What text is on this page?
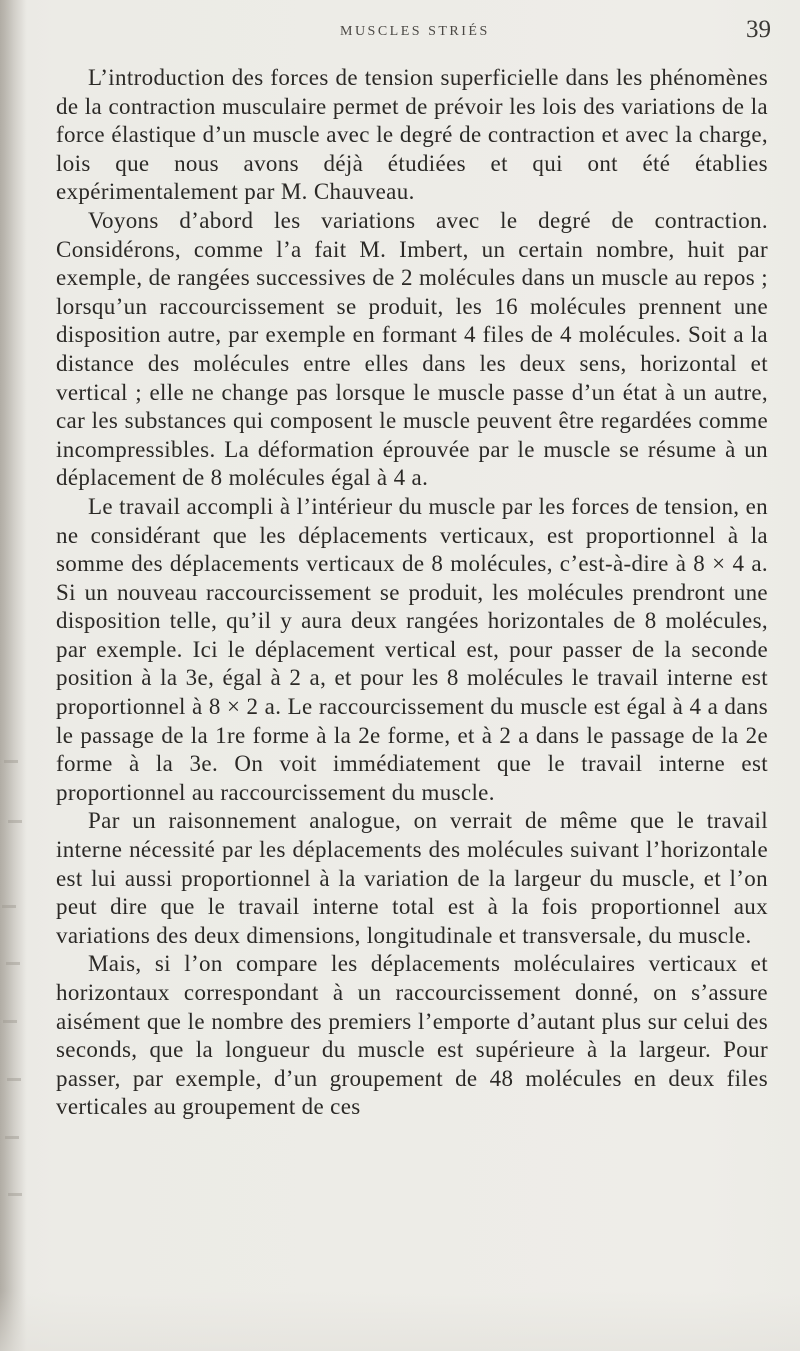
MUSCLES STRIÉS	39

L’introduction des forces de tension superficielle dans les phénomènes de la contraction musculaire permet de prévoir les lois des variations de la force élastique d’un muscle avec le degré de contraction et avec la charge, lois que nous avons déjà étudiées et qui ont été établies expérimentalement par M. Chauveau.

Voyons d’abord les variations avec le degré de contraction. Considérons, comme l’a fait M. Imbert, un certain nombre, huit par exemple, de rangées successives de 2 molécules dans un muscle au repos ; lorsqu’un raccourcissement se produit, les 16 molécules prennent une disposition autre, par exemple en formant 4 files de 4 molécules. Soit a la distance des molécules entre elles dans les deux sens, horizontal et vertical ; elle ne change pas lorsque le muscle passe d’un état à un autre, car les substances qui composent le muscle peuvent être regardées comme incompressibles. La déformation éprouvée par le muscle se résume à un déplacement de 8 molécules égal à 4 a.

Le travail accompli à l’intérieur du muscle par les forces de tension, en ne considérant que les déplacements verticaux, est proportionnel à la somme des déplacements verticaux de 8 molécules, c’est-à-dire à 8 × 4 a. Si un nouveau raccourcissement se produit, les molécules prendront une disposition telle, qu’il y aura deux rangées horizontales de 8 molécules, par exemple. Ici le déplacement vertical est, pour passer de la seconde position à la 3e, égal à 2 a, et pour les 8 molécules le travail interne est proportionnel à 8 × 2 a. Le raccourcissement du muscle est égal à 4 a dans le passage de la 1re forme à la 2e forme, et à 2 a dans le passage de la 2e forme à la 3e. On voit immédiatement que le travail interne est proportionnel au raccourcissement du muscle.

Par un raisonnement analogue, on verrait de même que le travail interne nécessité par les déplacements des molécules suivant l’horizontale est lui aussi proportionnel à la variation de la largeur du muscle, et l’on peut dire que le travail interne total est à la fois proportionnel aux variations des deux dimensions, longitudinale et transversale, du muscle.

Mais, si l’on compare les déplacements moléculaires verticaux et horizontaux correspondant à un raccourcissement donné, on s’assure aisément que le nombre des premiers l’emporte d’autant plus sur celui des seconds, que la longueur du muscle est supérieure à la largeur. Pour passer, par exemple, d’un groupement de 48 molécules en deux files verticales au groupement de ces
